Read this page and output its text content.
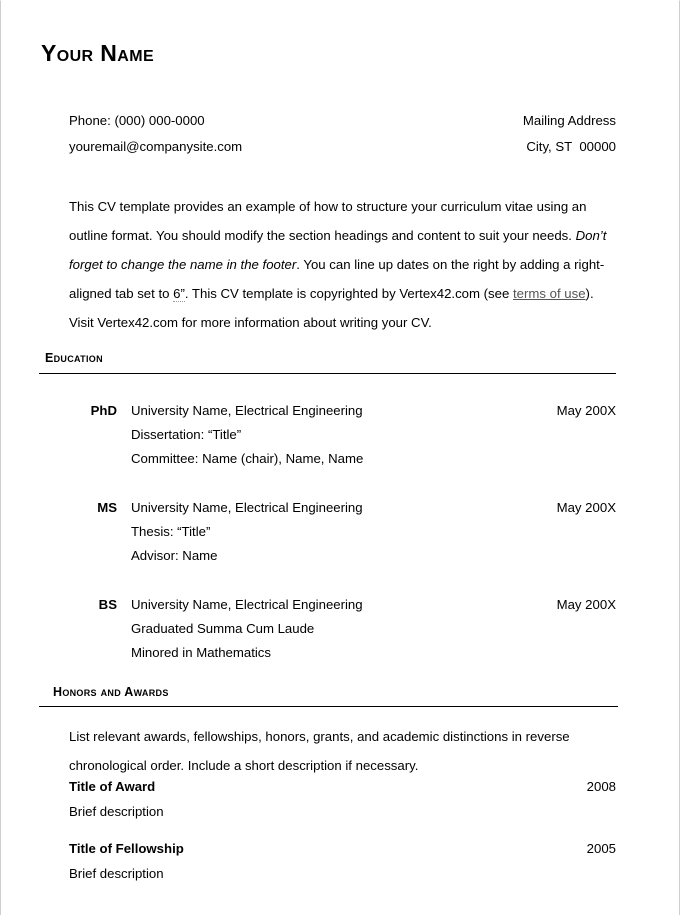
Your Name
Phone: (000) 000-0000	Mailing Address
youremail@companysite.com	City, ST  00000

This CV template provides an example of how to structure your curriculum vitae using an outline format. You should modify the section headings and content to suit your needs. Don’t forget to change the name in the footer. You can line up dates on the right by adding a right-aligned tab set to 6”. This CV template is copyrighted by Vertex42.com (see terms of use). Visit Vertex42.com for more information about writing your CV.

Education
PhD University Name, Electrical Engineering	May 200X
Dissertation: “Title”
Committee: Name (chair), Name, Name
MS University Name, Electrical Engineering	May 200X
Thesis: “Title”
Advisor: Name
BS University Name, Electrical Engineering	May 200X
Graduated Summa Cum Laude
Minored in Mathematics
Honors and Awards

List relevant awards, fellowships, honors, grants, and academic distinctions in reverse chronological order. Include a short description if necessary.

Title of Award	2008
Brief description
Title of Fellowship	2005
Brief description
